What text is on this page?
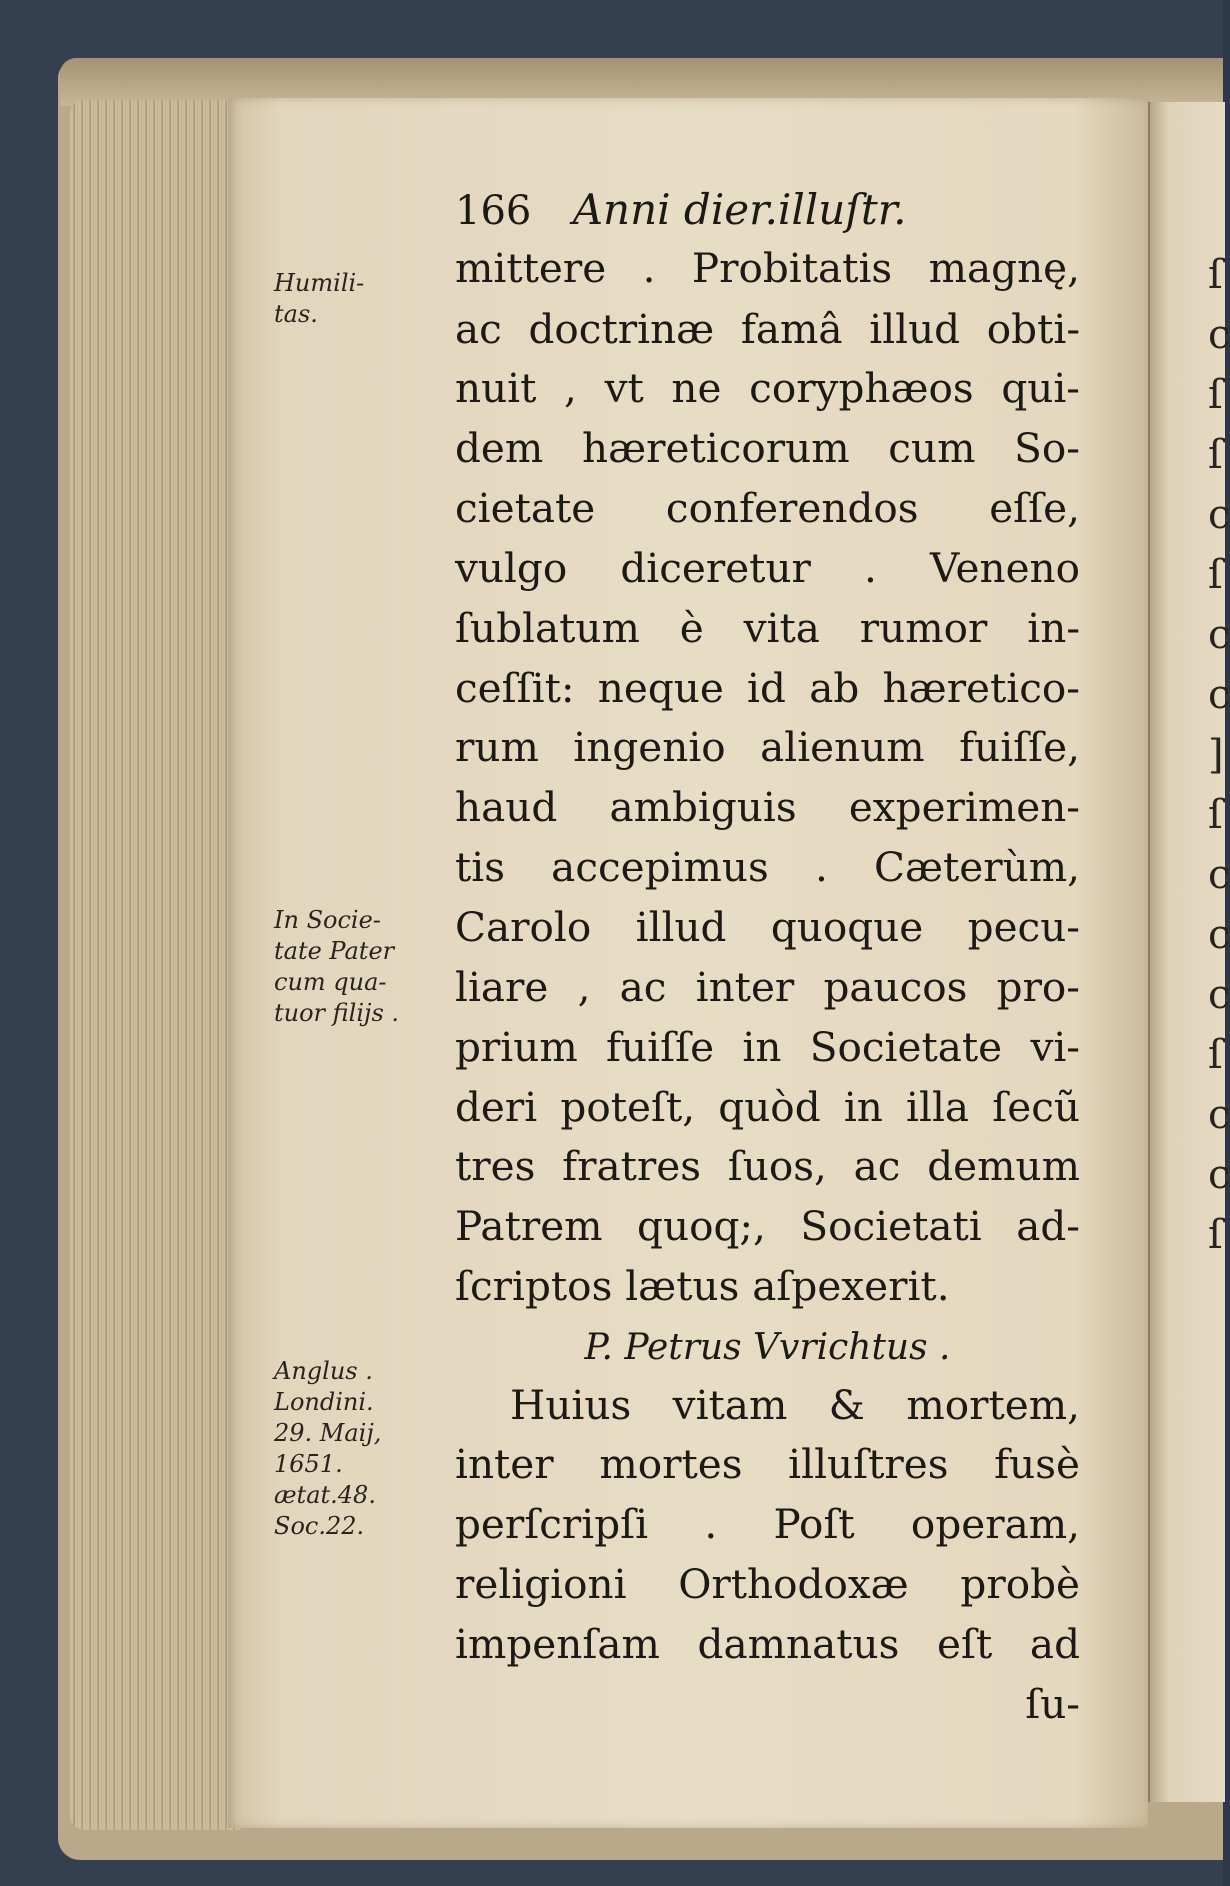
ſ
c
ſ
ſ
c
ſ
c
c
]
ſ
c
c
c
ſ
c
c
ſ
166 Anni dier.illuſtr.
Humili-
tas.
In Socie-
tate Pater
cum qua-
tuor filijs .
Anglus .
Londini.
29. Maij,
1651.
ætat.48.
Soc.22.
mittere . Probitatis magnę,
ac doctrinæ famâ illud obti-
nuit , vt ne coryphæos qui-
dem hæreticorum cum So-
cietate conferendos eſſe,
vulgo diceretur . Veneno
ſublatum è vita rumor in-
ceſſit: neque id ab hæretico-
rum ingenio alienum fuiſſe,
haud ambiguis experimen-
tis accepimus . Cæterùm,
Carolo illud quoque pecu-
liare , ac inter paucos pro-
prium fuiſſe in Societate vi-
deri poteſt, quòd in illa ſecũ
tres fratres ſuos, ac demum
Patrem quoq;, Societati ad-
ſcriptos lætus aſpexerit.
P. Petrus Vvrichtus .
Huius vitam & mortem,
inter mortes illuſtres fusè
perſcripſi . Poſt operam,
religioni Orthodoxæ probè
impenſam damnatus eſt ad
ſu-
